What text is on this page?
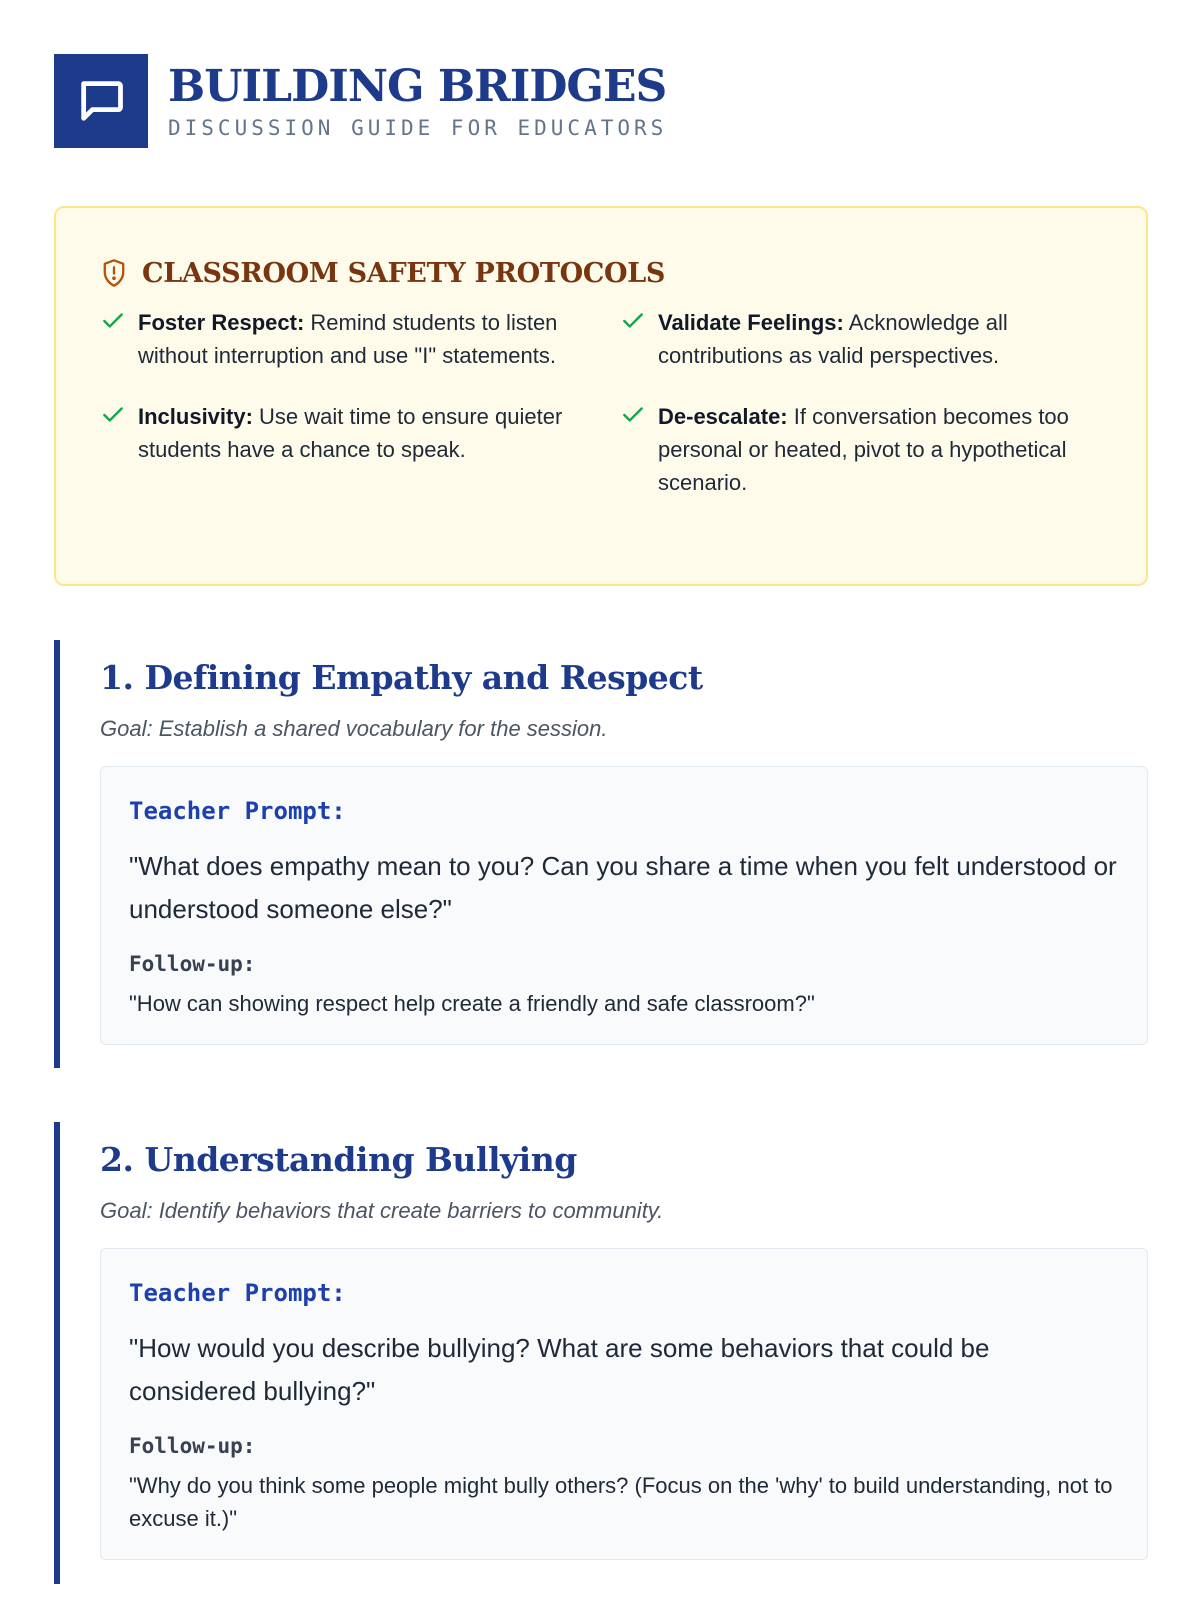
BUILDING BRIDGES
DISCUSSION GUIDE FOR EDUCATORS
CLASSROOM SAFETY PROTOCOLS
Foster Respect: Remind students to listen without interruption and use "I" statements.
Validate Feelings: Acknowledge all contributions as valid perspectives.
Inclusivity: Use wait time to ensure quieter students have a chance to speak.
De-escalate: If conversation becomes too personal or heated, pivot to a hypothetical scenario.
1. Defining Empathy and Respect
Goal: Establish a shared vocabulary for the session.
Teacher Prompt:
"What does empathy mean to you? Can you share a time when you felt understood or understood someone else?"
Follow-up:
"How can showing respect help create a friendly and safe classroom?"
2. Understanding Bullying
Goal: Identify behaviors that create barriers to community.
Teacher Prompt:
"How would you describe bullying? What are some behaviors that could be considered bullying?"
Follow-up:
"Why do you think some people might bully others? (Focus on the 'why' to build understanding, not to excuse it.)"
